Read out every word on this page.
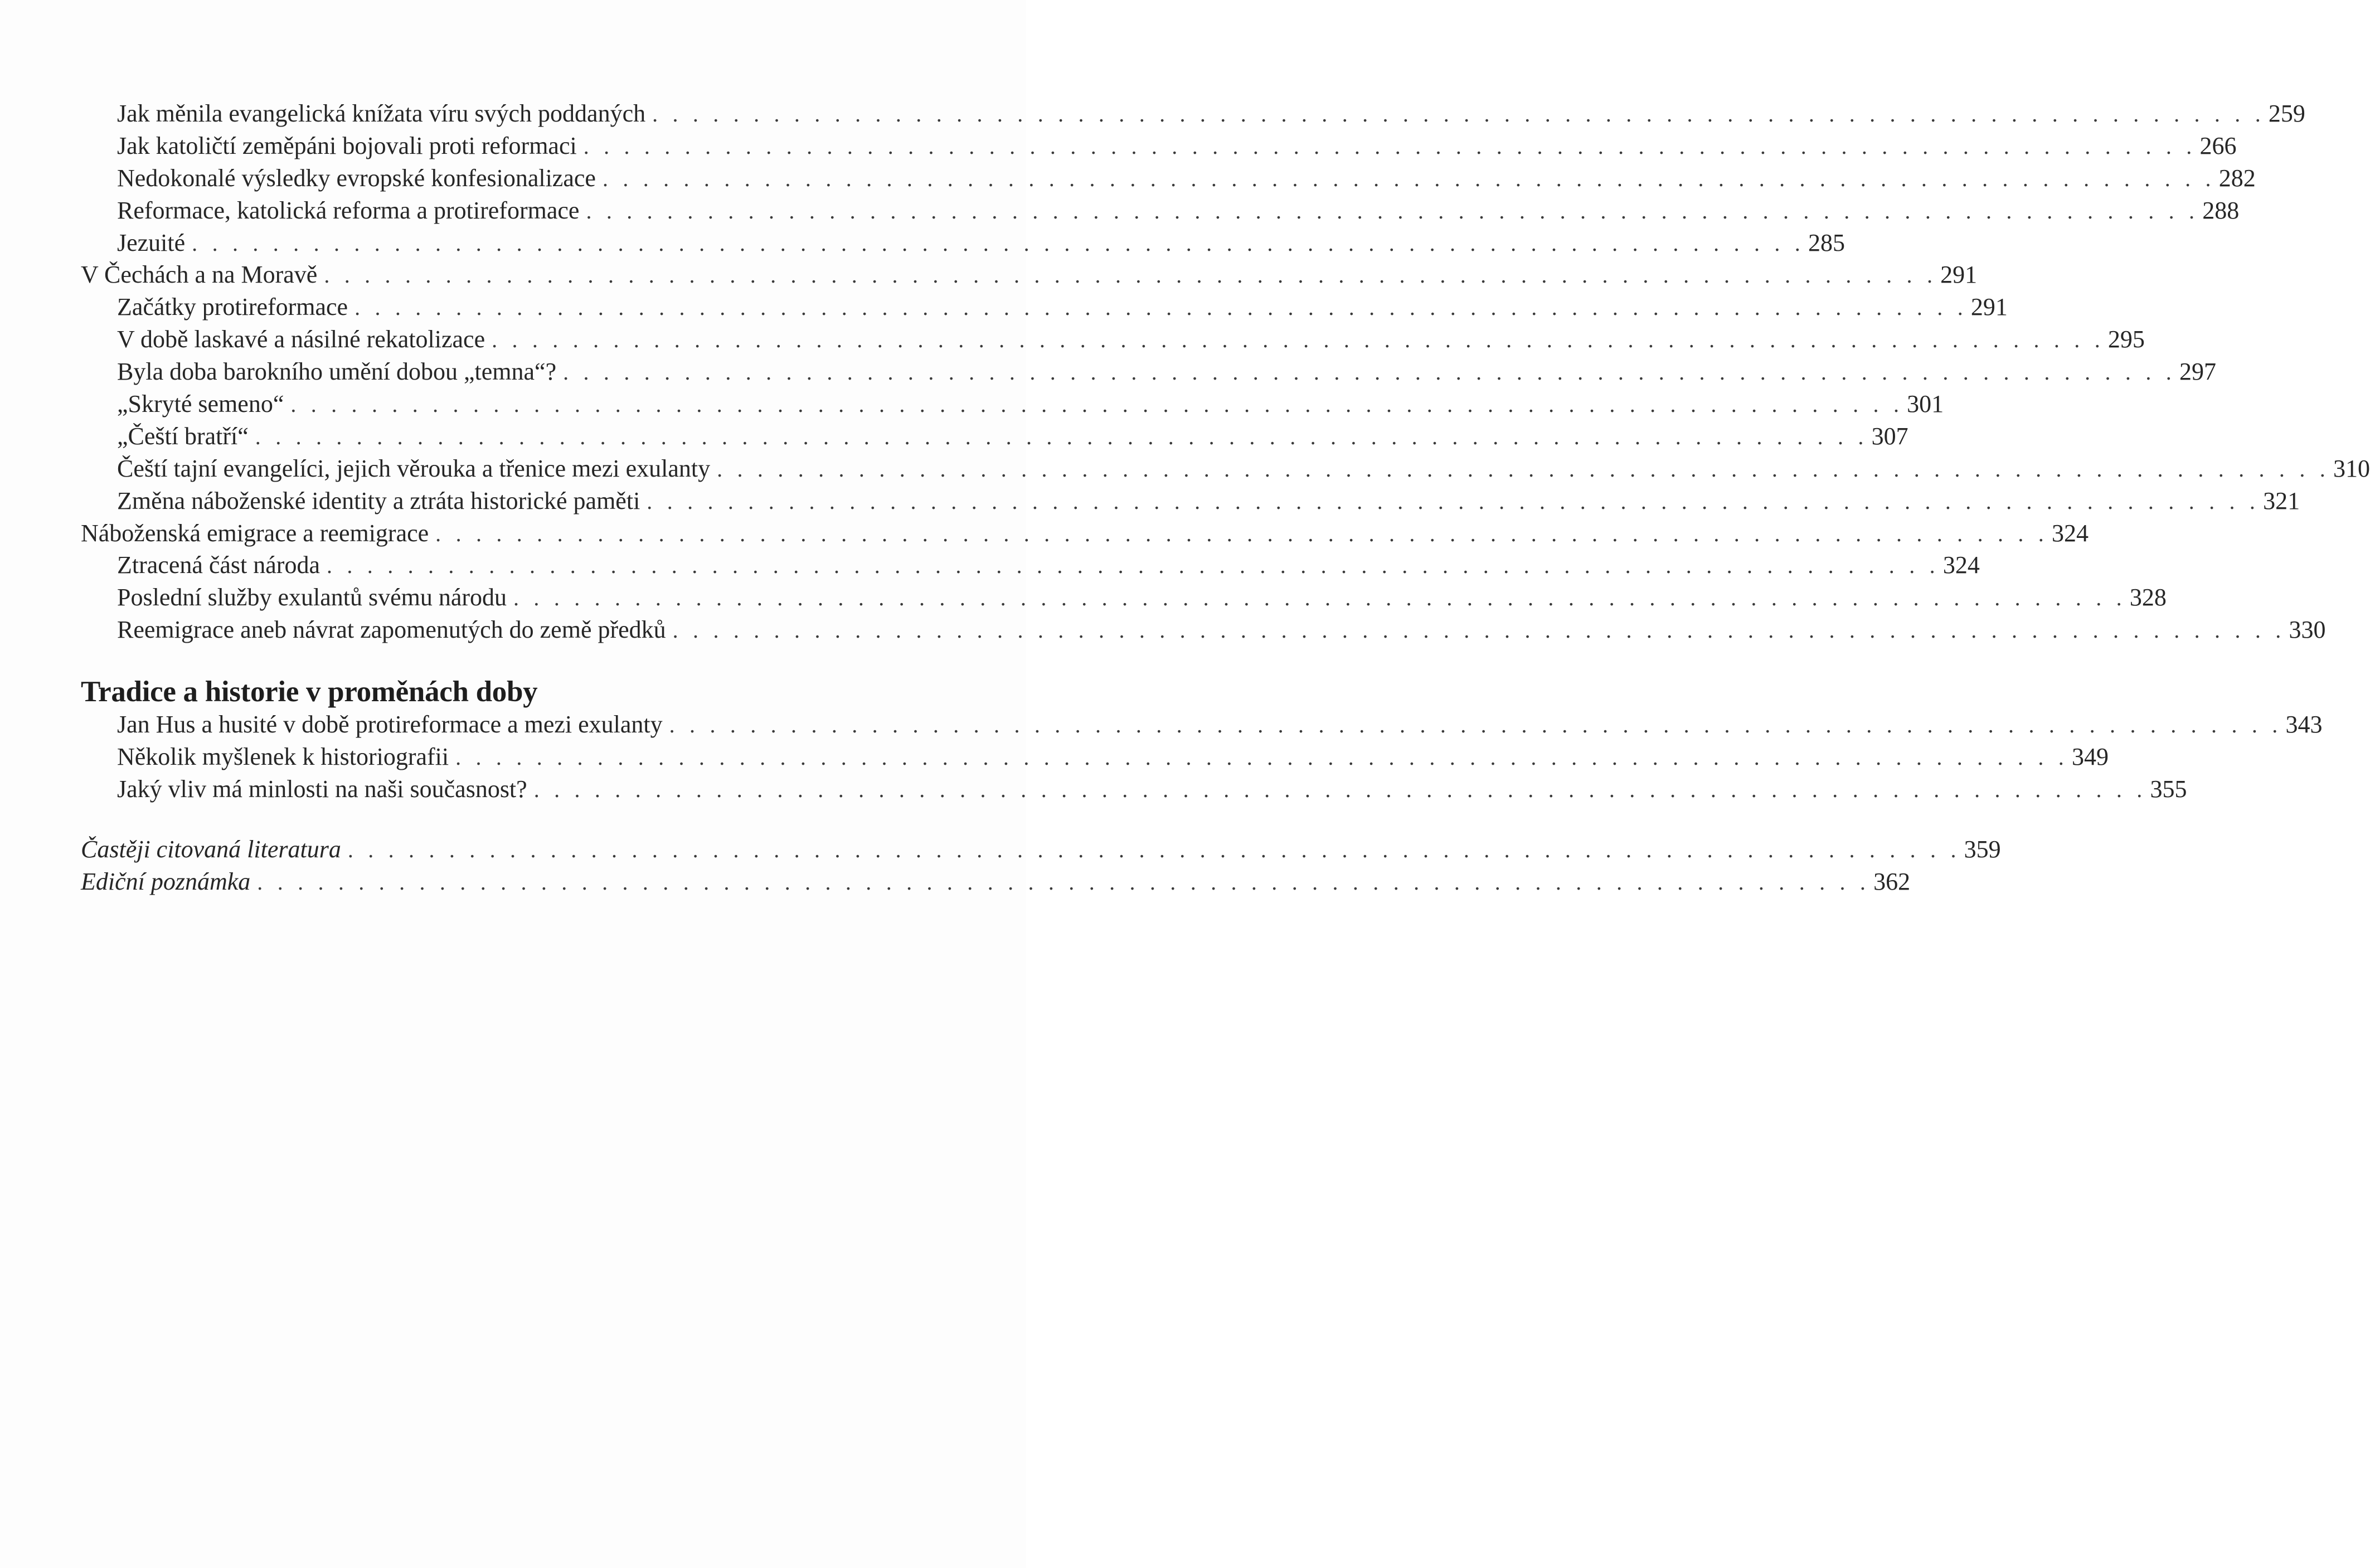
Jak měnila evangelická knížata víru svých poddaných . . . . . . . . . . . . . . . . . . . . . . . . . . . . . . . . . . . . . . . . . . . . . . . . . . . . . . . . . . . . . . . . . . . . . . . . . . . . . . . . 259
Jak katoličtí zeměpáni bojovali proti reformaci . . . . . . . . . . . . . . . . . . . . . . . . . . . . . . . . . . . . . . . . . . . . . . . . . . . . . . . . . . . . . . . . . . . . . . . . . . . . . . . . 266
Nedokonalé výsledky evropské konfesionalizace . . . . . . . . . . . . . . . . . . . . . . . . . . . . . . . . . . . . . . . . . . . . . . . . . . . . . . . . . . . . . . . . . . . . . . . . . . . . . . . . 282
Reformace, katolická reforma a protireformace . . . . . . . . . . . . . . . . . . . . . . . . . . . . . . . . . . . . . . . . . . . . . . . . . . . . . . . . . . . . . . . . . . . . . . . . . . . . . . . . 288
Jezuité . . . . . . . . . . . . . . . . . . . . . . . . . . . . . . . . . . . . . . . . . . . . . . . . . . . . . . . . . . . . . . . . . . . . . . . . . . . . . . . . 285
V Čechách a na Moravě . . . . . . . . . . . . . . . . . . . . . . . . . . . . . . . . . . . . . . . . . . . . . . . . . . . . . . . . . . . . . . . . . . . . . . . . . . . . . . . . 291
Začátky protireformace . . . . . . . . . . . . . . . . . . . . . . . . . . . . . . . . . . . . . . . . . . . . . . . . . . . . . . . . . . . . . . . . . . . . . . . . . . . . . . . . 291
V době laskavé a násilné rekatolizace . . . . . . . . . . . . . . . . . . . . . . . . . . . . . . . . . . . . . . . . . . . . . . . . . . . . . . . . . . . . . . . . . . . . . . . . . . . . . . . . 295
Byla doba barokního umění dobou „temna“? . . . . . . . . . . . . . . . . . . . . . . . . . . . . . . . . . . . . . . . . . . . . . . . . . . . . . . . . . . . . . . . . . . . . . . . . . . . . . . . . 297
„Skryté semeno“ . . . . . . . . . . . . . . . . . . . . . . . . . . . . . . . . . . . . . . . . . . . . . . . . . . . . . . . . . . . . . . . . . . . . . . . . . . . . . . . . 301
„Čeští bratří“ . . . . . . . . . . . . . . . . . . . . . . . . . . . . . . . . . . . . . . . . . . . . . . . . . . . . . . . . . . . . . . . . . . . . . . . . . . . . . . . . 307
Čeští tajní evangelíci, jejich věrouka a třenice mezi exulanty . . . . . . . . . . . . . . . . . . . . . . . . . . . . . . . . . . . . . . . . . . . . . . . . . . . . . . . . . . . . . . . . . . . . . . . . . . . . . . . . 310
Změna náboženské identity a ztráta historické paměti . . . . . . . . . . . . . . . . . . . . . . . . . . . . . . . . . . . . . . . . . . . . . . . . . . . . . . . . . . . . . . . . . . . . . . . . . . . . . . . . 321
Náboženská emigrace a reemigrace . . . . . . . . . . . . . . . . . . . . . . . . . . . . . . . . . . . . . . . . . . . . . . . . . . . . . . . . . . . . . . . . . . . . . . . . . . . . . . . . 324
Ztracená část národa . . . . . . . . . . . . . . . . . . . . . . . . . . . . . . . . . . . . . . . . . . . . . . . . . . . . . . . . . . . . . . . . . . . . . . . . . . . . . . . . 324
Poslední služby exulantů svému národu . . . . . . . . . . . . . . . . . . . . . . . . . . . . . . . . . . . . . . . . . . . . . . . . . . . . . . . . . . . . . . . . . . . . . . . . . . . . . . . . 328
Reemigrace aneb návrat zapomenutých do země předků . . . . . . . . . . . . . . . . . . . . . . . . . . . . . . . . . . . . . . . . . . . . . . . . . . . . . . . . . . . . . . . . . . . . . . . . . . . . . . . . 330
Tradice a historie v proměnách doby
Jan Hus a husité v době protireformace a mezi exulanty . . . . . . . . . . . . . . . . . . . . . . . . . . . . . . . . . . . . . . . . . . . . . . . . . . . . . . . . . . . . . . . . . . . . . . . . . . . . . . . . 343
Několik myšlenek k historiografii . . . . . . . . . . . . . . . . . . . . . . . . . . . . . . . . . . . . . . . . . . . . . . . . . . . . . . . . . . . . . . . . . . . . . . . . . . . . . . . . 349
Jaký vliv má minlosti na naši současnost? . . . . . . . . . . . . . . . . . . . . . . . . . . . . . . . . . . . . . . . . . . . . . . . . . . . . . . . . . . . . . . . . . . . . . . . . . . . . . . . . 355
Častěji citovaná literatura . . . . . . . . . . . . . . . . . . . . . . . . . . . . . . . . . . . . . . . . . . . . . . . . . . . . . . . . . . . . . . . . . . . . . . . . . . . . . . . . 359
Ediční poznámka . . . . . . . . . . . . . . . . . . . . . . . . . . . . . . . . . . . . . . . . . . . . . . . . . . . . . . . . . . . . . . . . . . . . . . . . . . . . . . . . 362
